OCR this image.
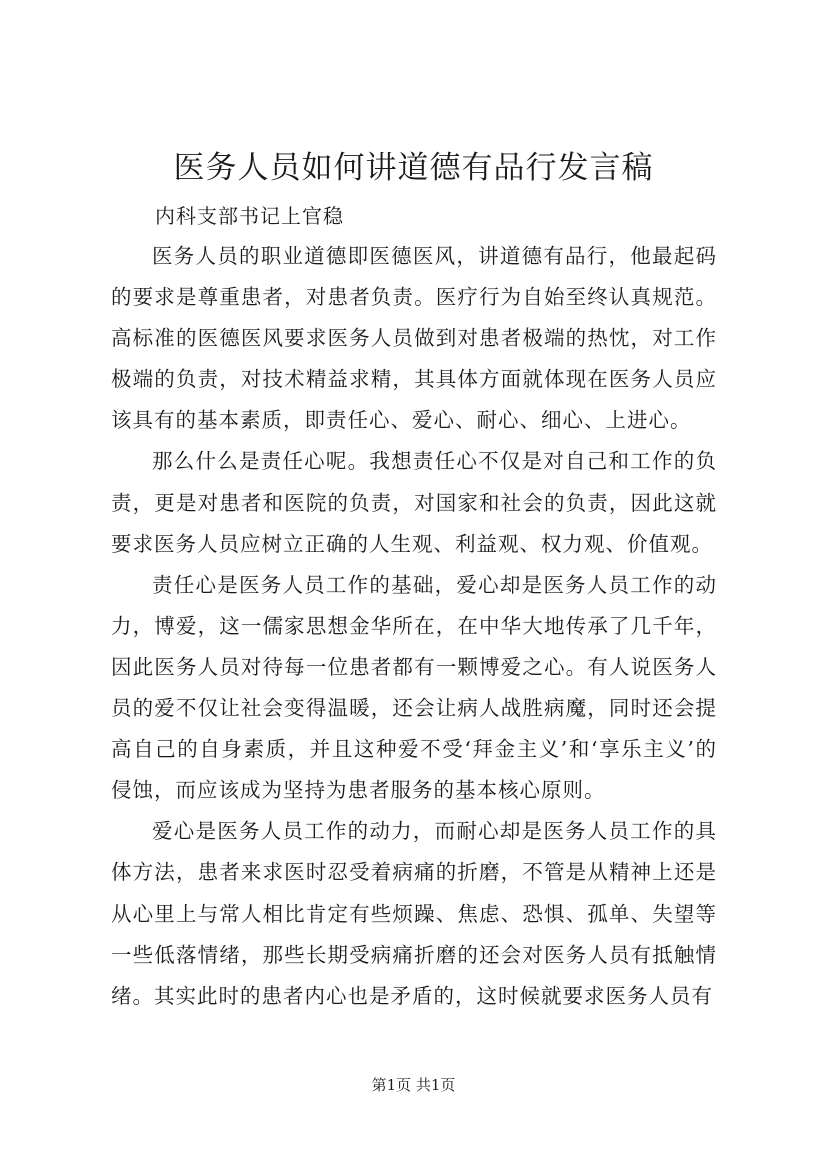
医务人员如何讲道德有品行发言稿
内科支部书记上官稳

医务人员的职业道德即医德医风，讲道德有品行，他最起码的要求是尊重患者，对患者负责。医疗行为自始至终认真规范。高标准的医德医风要求医务人员做到对患者极端的热忱，对工作极端的负责，对技术精益求精，其具体方面就体现在医务人员应该具有的基本素质，即责任心、爱心、耐心、细心、上进心。

那么什么是责任心呢。我想责任心不仅是对自己和工作的负责，更是对患者和医院的负责，对国家和社会的负责，因此这就要求医务人员应树立正确的人生观、利益观、权力观、价值观。

责任心是医务人员工作的基础，爱心却是医务人员工作的动力，博爱，这一儒家思想金华所在，在中华大地传承了几千年，因此医务人员对待每一位患者都有一颗博爱之心。有人说医务人员的爱不仅让社会变得温暖，还会让病人战胜病魔，同时还会提高自己的自身素质，并且这种爱不受‘拜金主义’和‘享乐主义’的侵蚀，而应该成为坚持为患者服务的基本核心原则。

爱心是医务人员工作的动力，而耐心却是医务人员工作的具体方法，患者来求医时忍受着病痛的折磨，不管是从精神上还是从心里上与常人相比肯定有些烦躁、焦虑、恐惧、孤单、失望等一些低落情绪，那些长期受病痛折磨的还会对医务人员有抵触情绪。其实此时的患者内心也是矛盾的，这时候就要求医务人员有

第1页 共1页
